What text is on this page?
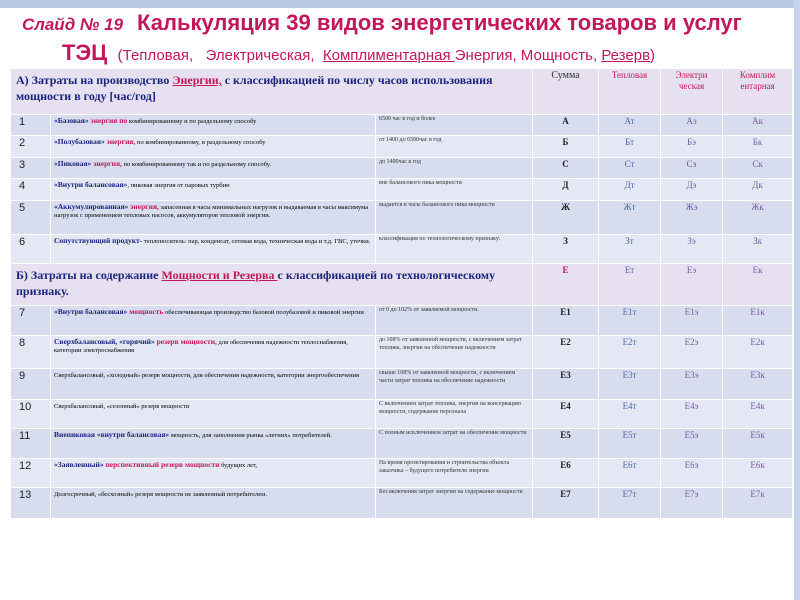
Слайд № 19 Калькуляция 39 видов энергетических товаров и услуг
ТЭЦ (Тепловая, Электрическая, Комплиментарная Энергия, Мощность, Резерв)
А) Затраты на производство Энергии, с классификацией по числу часов использования мощности в году [час/год]			Сумма	Тепловая	Электри ческая	Комплим ентарная
1	«Базовая» энергия по комбинированному и по раздельному способу	6500 час в год и более	А	Ат	Аэ	Ак
2	«Полубазовая» энергия, по комбинированному, и раздельному способу	от 1400 до 6500час в год	Б	Бт	Бэ	Бк
3	«Пиковая» энергия, по комбинированному так и по раздельному способу.	до 1400час в год	С	Ст	Сэ	Ск
4	«Внутри балансовая», пиковая энергия от паровых турбин	вне балансового пика мощности	Д	Дт	Дэ	Дк
5	«Аккумулированная» энергия, запасенная в часы минимальных нагрузок и выдаваемая в часы максимума нагрузок с применением тепловых насосов, аккумуляторов тепловой энергии.	выдается в часы балансового пика мощности	Ж	Жт	Жэ	Жк
6	Сопутствующий продукт- теплоноситель: пар, конденсат, сетевая вода, техническая вода и т.д. ГВС, утечки.	классификация по технологическому признаку:	З	Зт	Зэ	Зк
Б) Затраты на содержание Мощности и Резерва с классификацией по технологическому признаку.			Е	Ет	Еэ	Ек
7	«Внутри балансовая» мощность обеспечивающая производство базовой полубазовой и пиковой энергии	от 0 до 102% от заявляемой мощности.	Е1	Е1т	Е1э	Е1к
8	Сверхбалансовый, «горячий» резерв мощности, для обеспечения надежности теплоснабжения, категории электроснабжения	до 108% от заявленной мощности, с включением затрат топлива, энергии на обеспечение надежности	Е2	Е2т	Е2э	Е2к
9	Сверхбалансовый, «холодный» резерв мощности, для обеспечения надежности, категории энергообеспечения	свыше 108% от заявленной мощности, с включением части затрат топлива на обеспечение надежности	Е3	Е3т	Е3э	Е3к
10	Сверхбалансовый, «сезонный» резерв мощности	С включением затрат топлива, энергии на консервацию мощности, содержание персонала	Е4	Е4т	Е4э	Е4к
11	Внепиковая «внутри балансовая» мощность, для заполнения рынка «летних» потребителей.	С полным исключением затрат на обеспечение мощности	Е5	Е5т	Е5э	Е5к
12	«Заявленный» перспективный резерв мощности будущих лет,	На время проектирования и строительства объекта заказчика – будущего потребителя энергии	Е6	Е6т	Е6э	Е6к
13	Долгосрочный, «бесхозный» резерв мощности не заявленный потребителем.	Без включения затрат энергии на содержание мощности	Е7	Е7т	Е7э	Е7к
